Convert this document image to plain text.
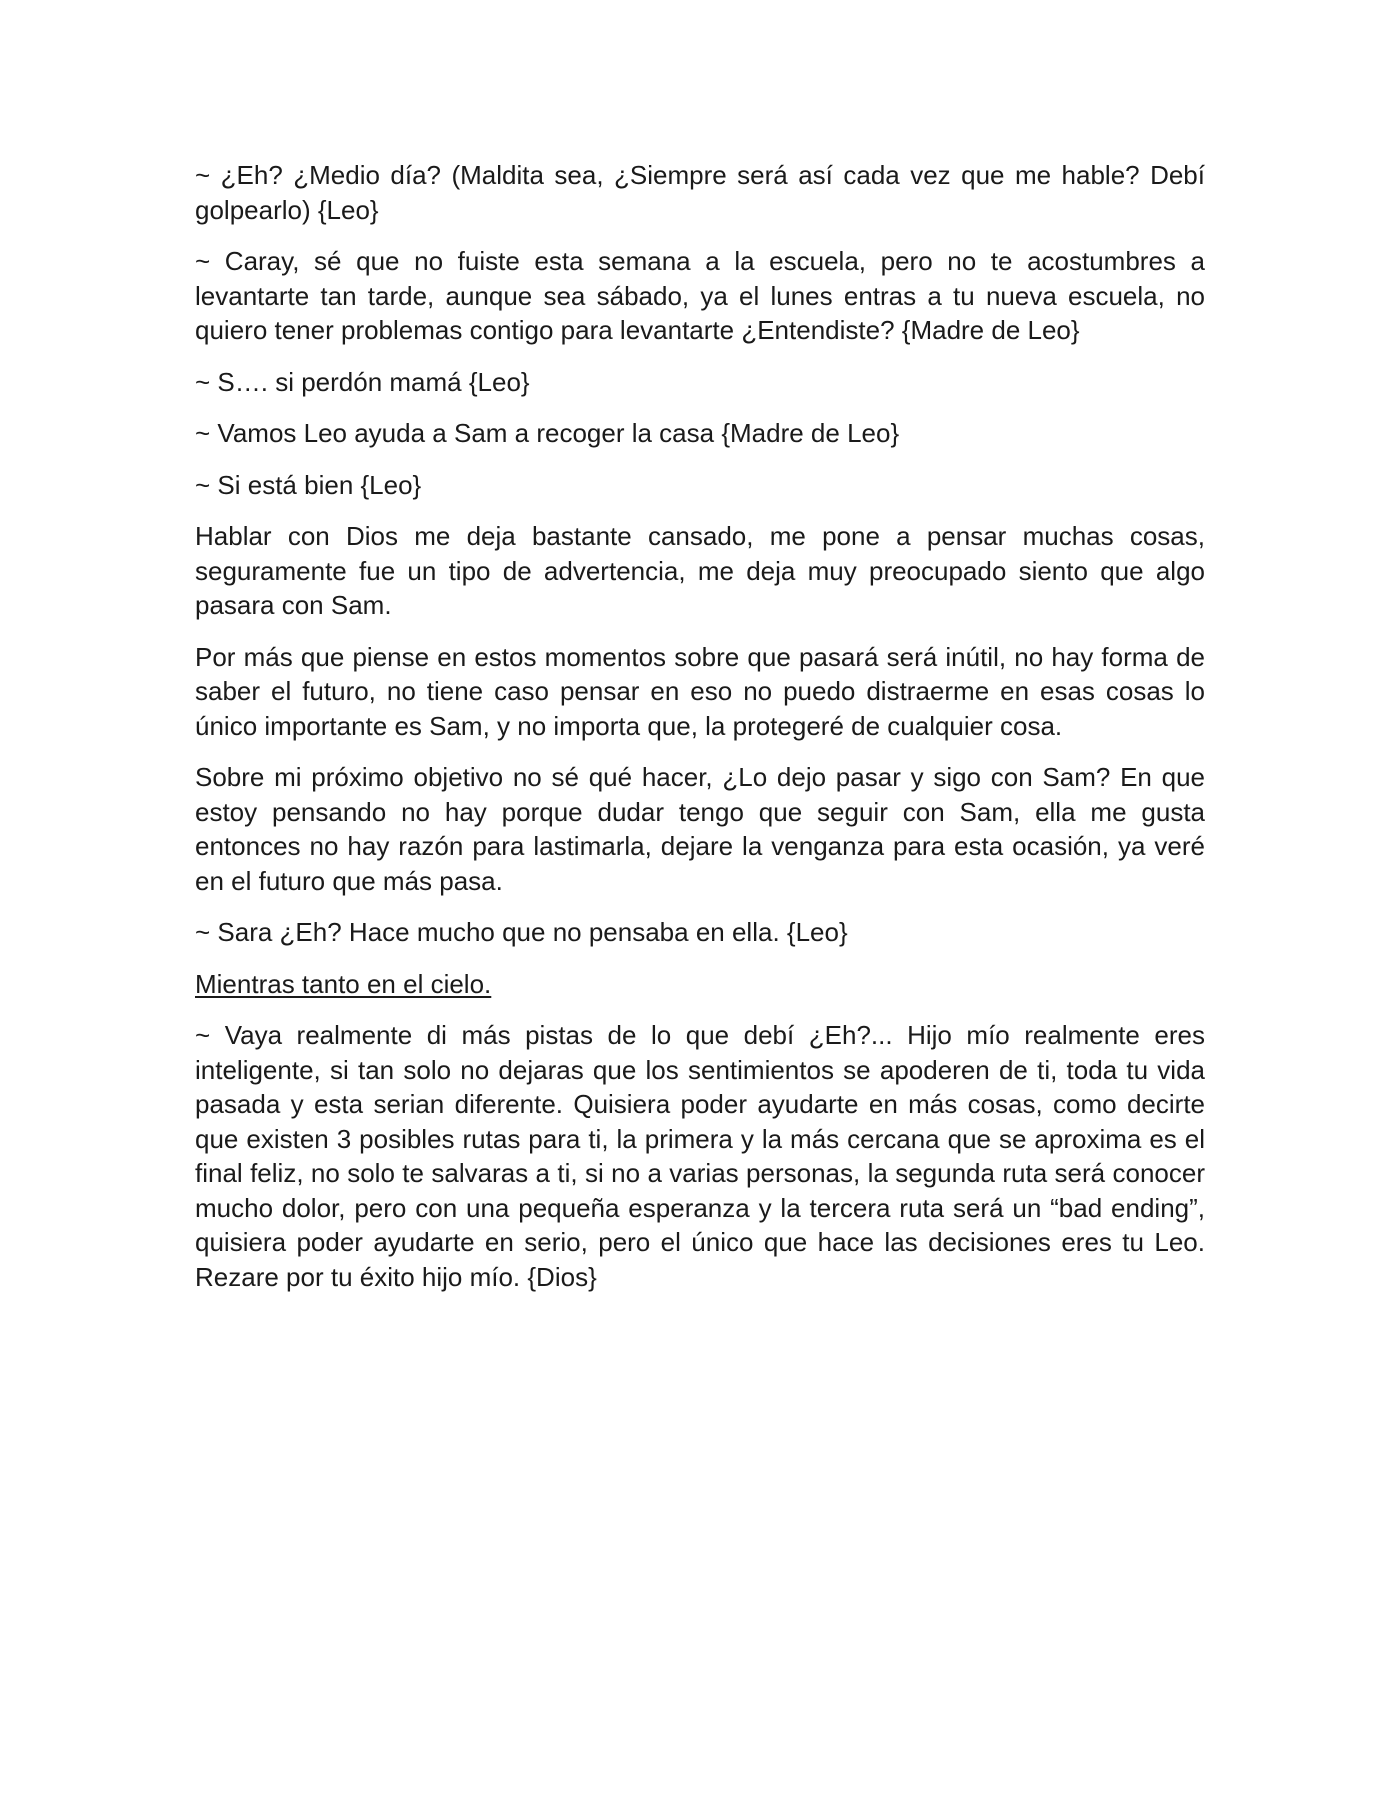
~ ¿Eh? ¿Medio día? (Maldita sea, ¿Siempre será así cada vez que me hable? Debí golpearlo) {Leo}

~ Caray, sé que no fuiste esta semana a la escuela, pero no te acostumbres a levantarte tan tarde, aunque sea sábado, ya el lunes entras a tu nueva escuela, no quiero tener problemas contigo para levantarte ¿Entendiste? {Madre de Leo}

~ S…. si perdón mamá {Leo}

~ Vamos Leo ayuda a Sam a recoger la casa {Madre de Leo}

~ Si está bien {Leo}

Hablar con Dios me deja bastante cansado, me pone a pensar muchas cosas, seguramente fue un tipo de advertencia, me deja muy preocupado siento que algo pasara con Sam.

Por más que piense en estos momentos sobre que pasará será inútil, no hay forma de saber el futuro, no tiene caso pensar en eso no puedo distraerme en esas cosas lo único importante es Sam, y no importa que, la protegeré de cualquier cosa.

Sobre mi próximo objetivo no sé qué hacer, ¿Lo dejo pasar y sigo con Sam? En que estoy pensando no hay porque dudar tengo que seguir con Sam, ella me gusta entonces no hay razón para lastimarla, dejare la venganza para esta ocasión, ya veré en el futuro que más pasa.

~ Sara ¿Eh? Hace mucho que no pensaba en ella. {Leo}

Mientras tanto en el cielo.

~ Vaya realmente di más pistas de lo que debí ¿Eh?... Hijo mío realmente eres inteligente, si tan solo no dejaras que los sentimientos se apoderen de ti, toda tu vida pasada y esta serian diferente. Quisiera poder ayudarte en más cosas, como decirte que existen 3 posibles rutas para ti, la primera y la más cercana que se aproxima es el final feliz, no solo te salvaras a ti, si no a varias personas, la segunda ruta será conocer mucho dolor, pero con una pequeña esperanza y la tercera ruta será un “bad ending”, quisiera poder ayudarte en serio, pero el único que hace las decisiones eres tu Leo. Rezare por tu éxito hijo mío. {Dios}
